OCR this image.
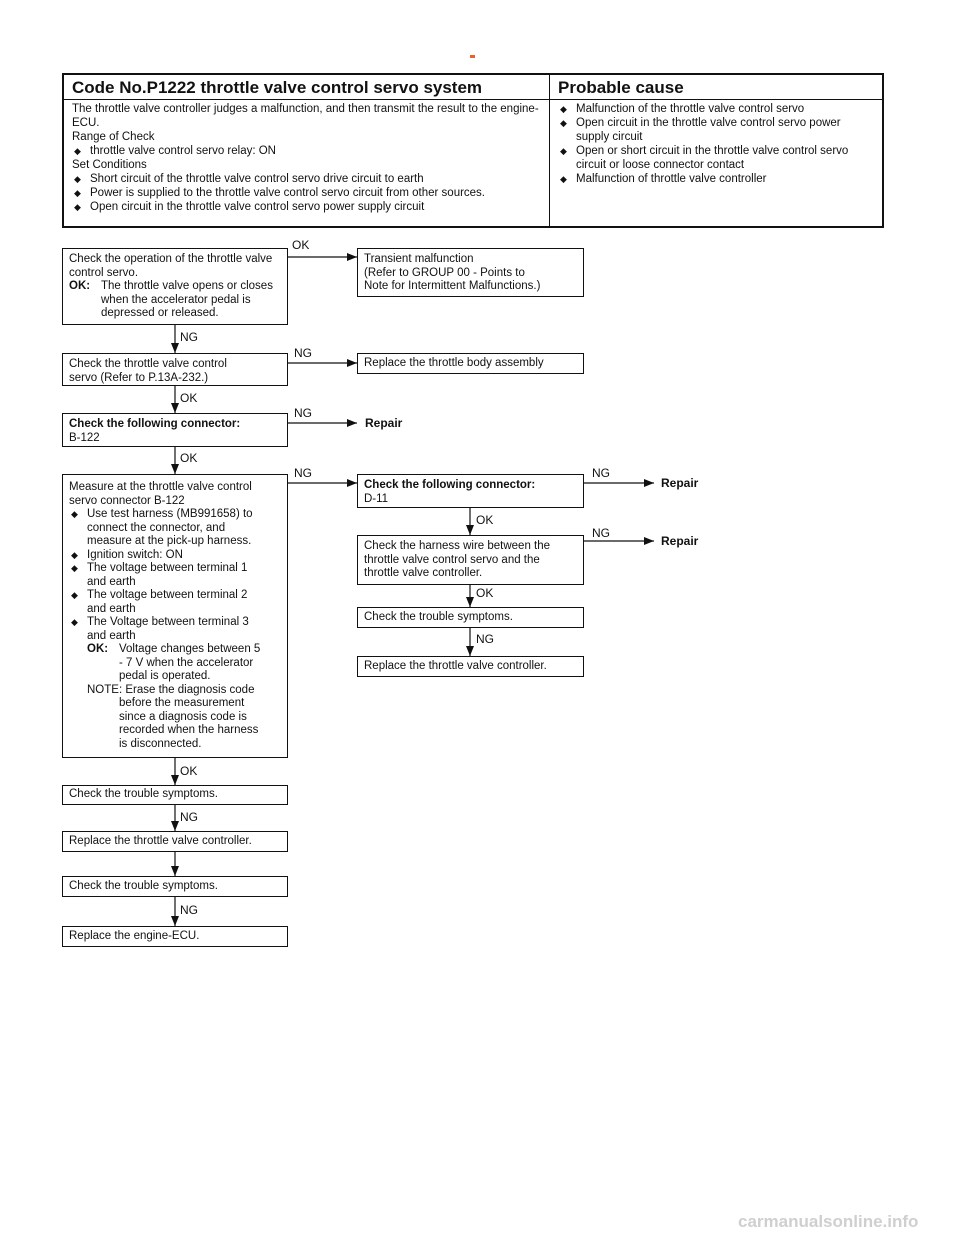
Code No.P1222 throttle valve control servo system	Probable cause
The throttle valve controller judges a malfunction, and then transmit the result to the engine-ECU.
Range of Check
◆ throttle valve control servo relay: ON
Set Conditions
◆ Short circuit of the throttle valve control servo drive circuit to earth
◆ Power is supplied to the throttle valve control servo circuit from other sources.
◆ Open circuit in the throttle valve control servo power supply circuit
◆ Malfunction of the throttle valve control servo
◆ Open circuit in the throttle valve control servo power supply circuit
◆ Open or short circuit in the throttle valve control servo circuit or loose connector contact
◆ Malfunction of throttle valve controller
Check the operation of the throttle valve control servo.
OK: The throttle valve opens or closes when the accelerator pedal is depressed or released.
Check the throttle valve control
servo (Refer to P.13A-232.)
Check the following connector:
B-122
Measure at the throttle valve control
servo connector B-122
◆ Use test harness (MB991658) to
connect the connector, and
measure at the pick-up harness.
◆ Ignition switch: ON
◆ The voltage between terminal 1
and earth
◆ The voltage between terminal 2
and earth
◆ The Voltage between terminal 3
and earth
OK: Voltage changes between 5
- 7 V when the accelerator
pedal is operated.
NOTE: Erase the diagnosis code
before the measurement
since a diagnosis code is
recorded when the harness
is disconnected.
Check the trouble symptoms.
Replace the throttle valve controller.
Check the trouble symptoms.
Replace the engine-ECU.
Transient malfunction
(Refer to GROUP 00 - Points to
Note for Intermittent Malfunctions.)
Replace the throttle body assembly
Check the following connector:
D-11
Check the harness wire between the
throttle valve control servo and the
throttle valve controller.
Check the trouble symptoms.
Replace the throttle valve controller.
Repair
Repair
Repair
OK
NG
NG
OK
NG
OK
NG	NG
OK
NG
OK
NG
OK
NG
NG
carmanualsonline.info
